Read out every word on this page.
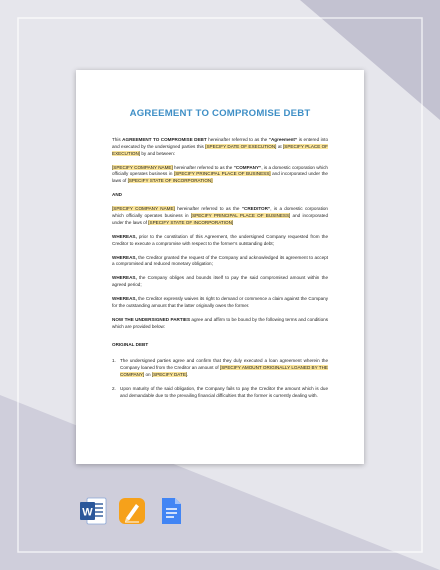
AGREEMENT TO COMPROMISE DEBT

This AGREEMENT TO COMPROMISE DEBT hereinafter referred to as the “Agreement” is entered into and executed by the undersigned parties this [SPECIFY DATE OF EXECUTION] at [SPECIFY PLACE OF EXECUTION] by and between:

[SPECIFY COMPANY NAME] hereinafter referred to as the “COMPANY”, is a domestic corporation which officially operates business in [SPECIFY PRINCIPAL PLACE OF BUSINESS] and incorporated under the laws of [SPECIFY STATE OF INCORPORATION]

AND

[SPECIFY COMPANY NAME] hereinafter referred to as the “CREDITOR”, is a domestic corporation which officially operates business in [SPECIFY PRINCIPAL PLACE OF BUSINESS] and incorporated under the laws of [SPECIFY STATE OF INCORPORATION]

WHEREAS, prior to the constitution of this Agreement, the undersigned Company requested from the Creditor to execute a compromise with respect to the former’s outstanding debt;

WHEREAS, the Creditor granted the request of the Company and acknowledged its agreement to accept a compromised and reduced monetary obligation;

WHEREAS, the Company obliges and bounds itself to pay the said compromised amount within the agreed period;

WHEREAS, the Creditor expressly waives its right to demand or commence a claim against the Company for the outstanding amount that the latter originally owes the former.

NOW THE UNDERSIGNED PARTIES agree and affirm to be bound by the following terms and conditions which are provided below:

ORIGINAL DEBT

1. The undersigned parties agree and confirm that they duly executed a loan agreement wherein the Company loaned from the Creditor an amount of [SPECIFY AMOUNT ORIGINALLY LOANED BY THE COMPANY] on [SPECIFY DATE].
2. Upon maturity of the said obligation, the Company fails to pay the Creditor the amount which is due and demandable due to the prevailing financial difficulties that the former is currently dealing with.
W
